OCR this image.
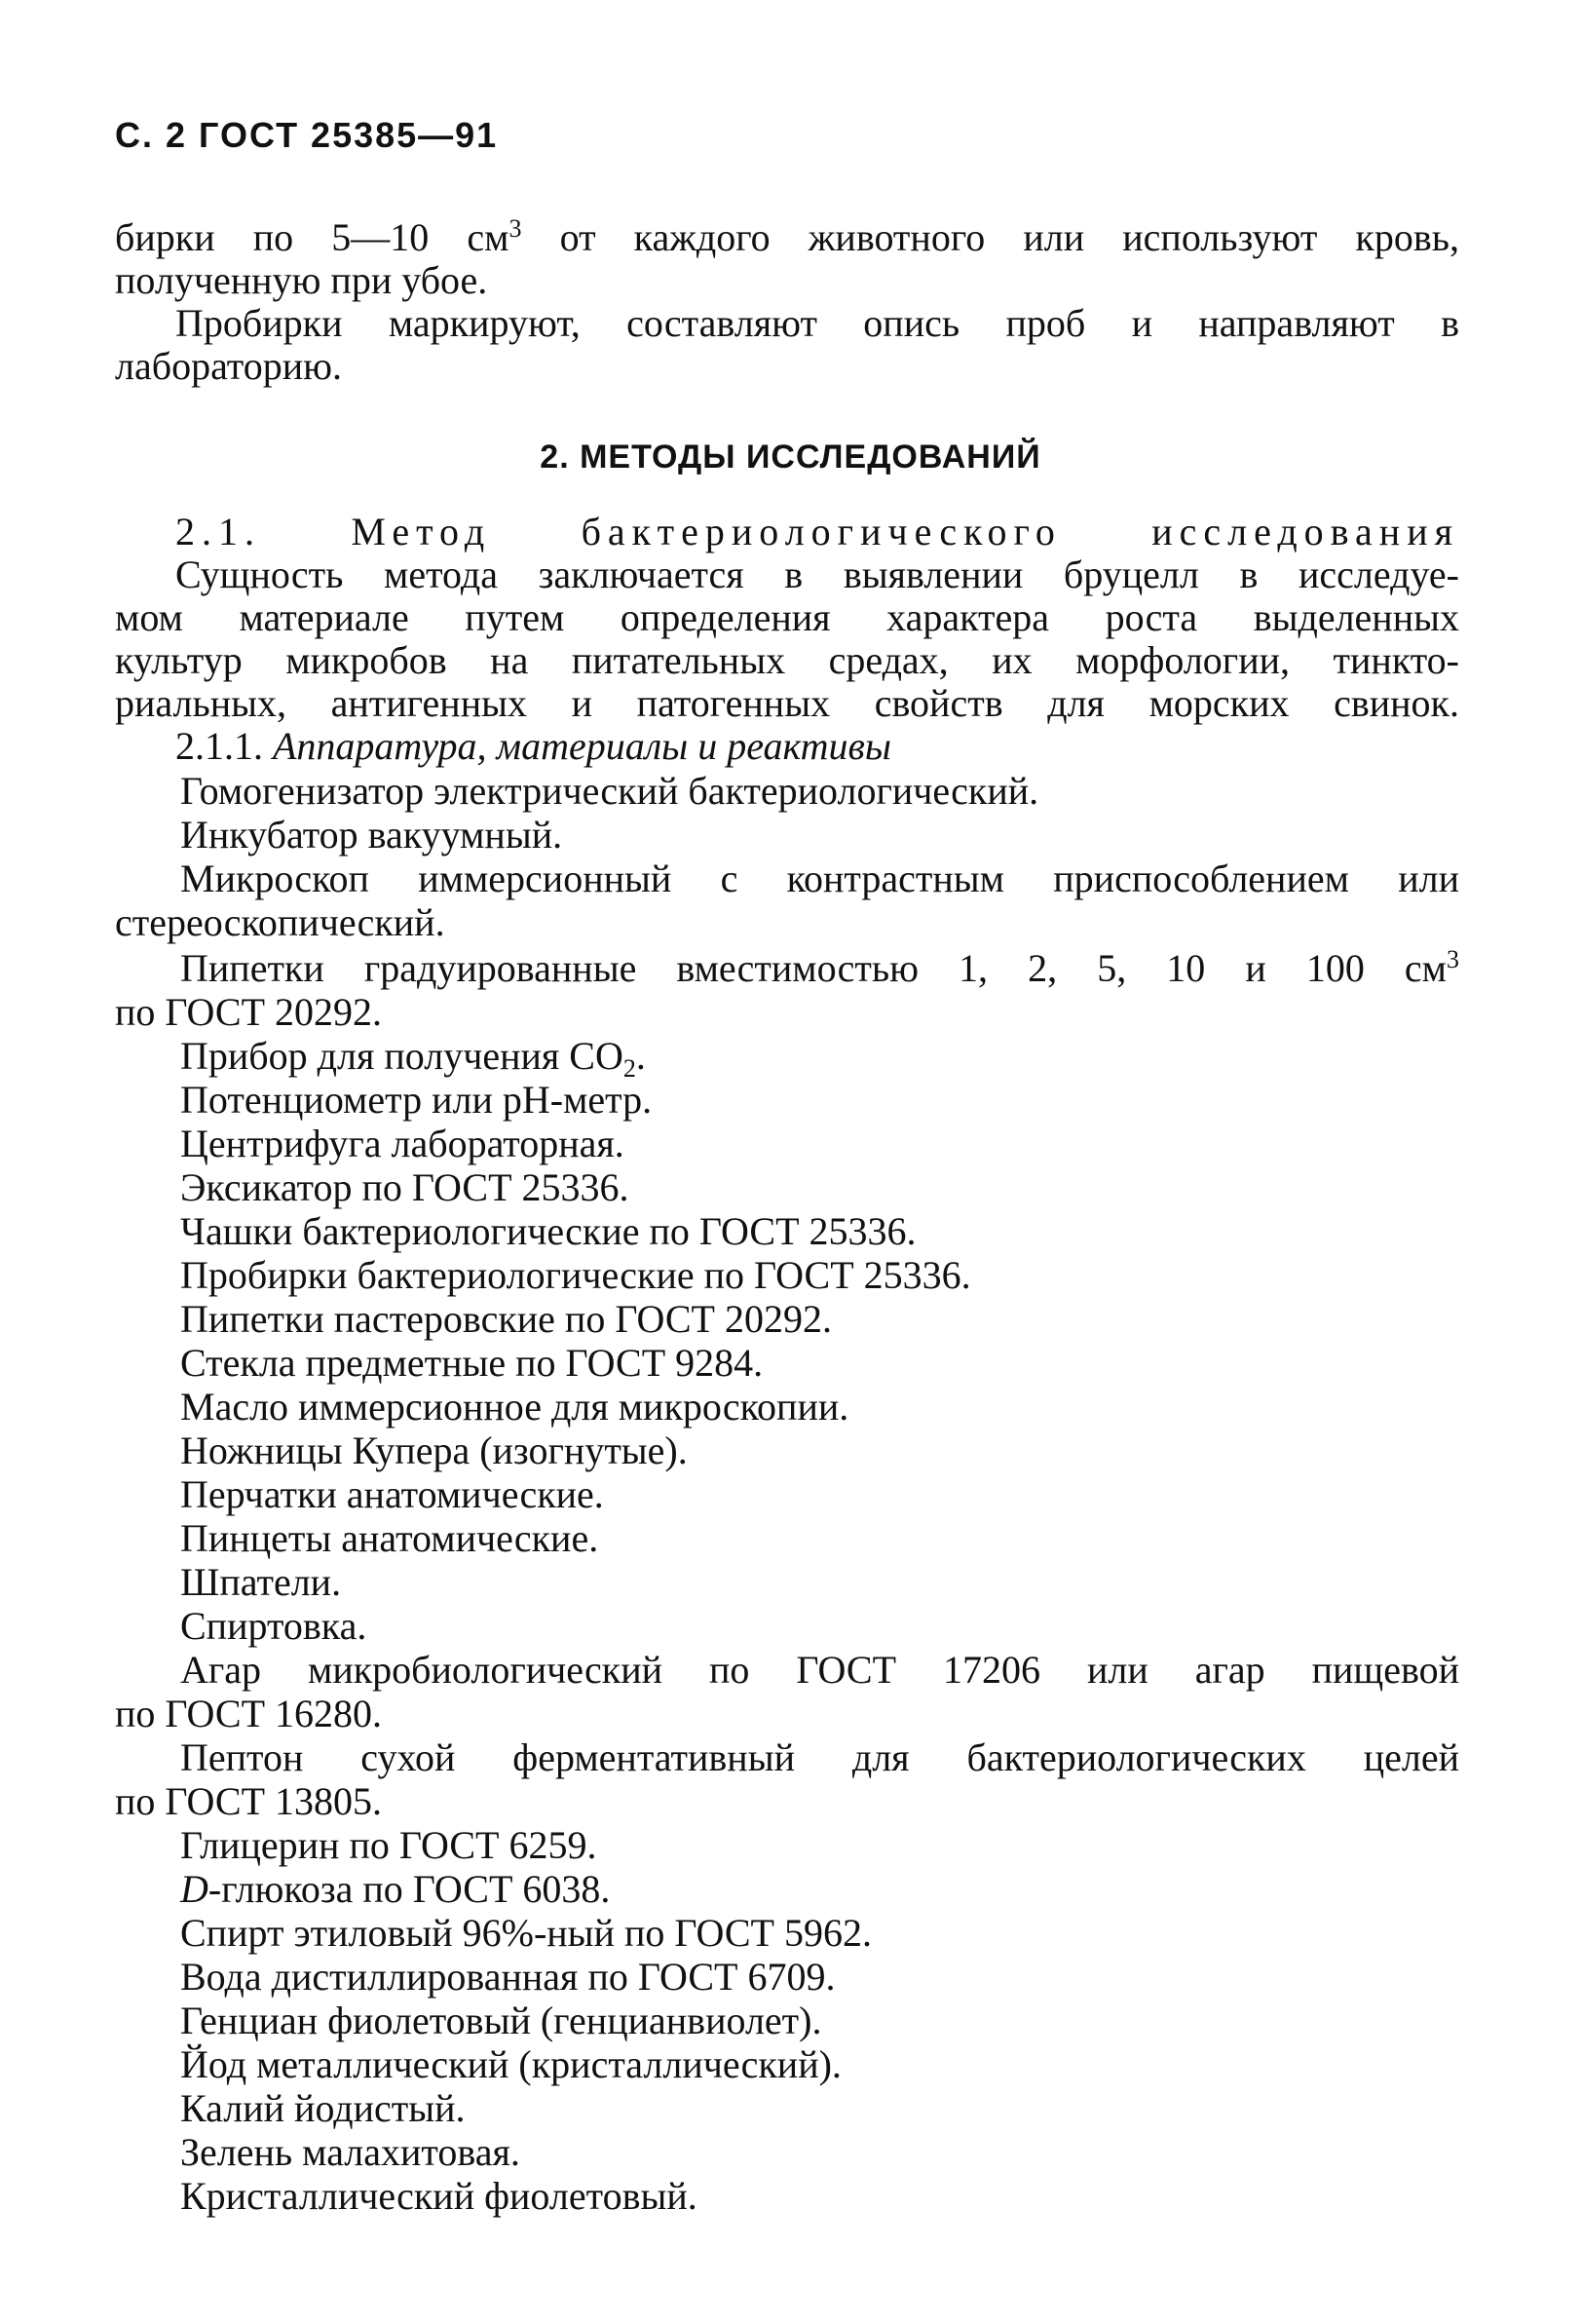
С. 2 ГОСТ 25385—91
бирки по 5—10 $см^3$ от каждого животного или используют кровь,
полученную при убое.
Пробирки маркируют, составляют опись проб и направляют в
лабораторию.
2. МЕТОДЫ ИССЛЕДОВАНИЙ
2.1. Метод бактериологического исследования
Сущность метода заключается в выявлении бруцелл в исследуе-
мом материале путем определения характера роста выделенных
культур микробов на питательных средах, их морфологии, тинкто-
риальных, антигенных и патогенных свойств для морских свинок.
2.1.1. Аппаратура, материалы и реактивы
Гомогенизатор электрический бактериологический.
Инкубатор вакуумный.
Микроскоп иммерсионный с контрастным приспособлением или
стереоскопический.
Пипетки градуированные вместимостью 1, 2, 5, 10 и 100 $см^3$
по ГОСТ 20292.
Прибор для получения $CO_2$.
Потенциометр или pH-метр.
Центрифуга лабораторная.
Эксикатор по ГОСТ 25336.
Чашки бактериологические по ГОСТ 25336.
Пробирки бактериологические по ГОСТ 25336.
Пипетки пастеровские по ГОСТ 20292.
Стекла предметные по ГОСТ 9284.
Масло иммерсионное для микроскопии.
Ножницы Купера (изогнутые).
Перчатки анатомические.
Пинцеты анатомические.
Шпатели.
Спиртовка.
Агар микробиологический по ГОСТ 17206 или агар пищевой
по ГОСТ 16280.
Пептон сухой ферментативный для бактериологических целей
по ГОСТ 13805.
Глицерин по ГОСТ 6259.
D-глюкоза по ГОСТ 6038.
Спирт этиловый 96%-ный по ГОСТ 5962.
Вода дистиллированная по ГОСТ 6709.
Генциан фиолетовый (генцианвиолет).
Йод металлический (кристаллический).
Калий йодистый.
Зелень малахитовая.
Кристаллический фиолетовый.
